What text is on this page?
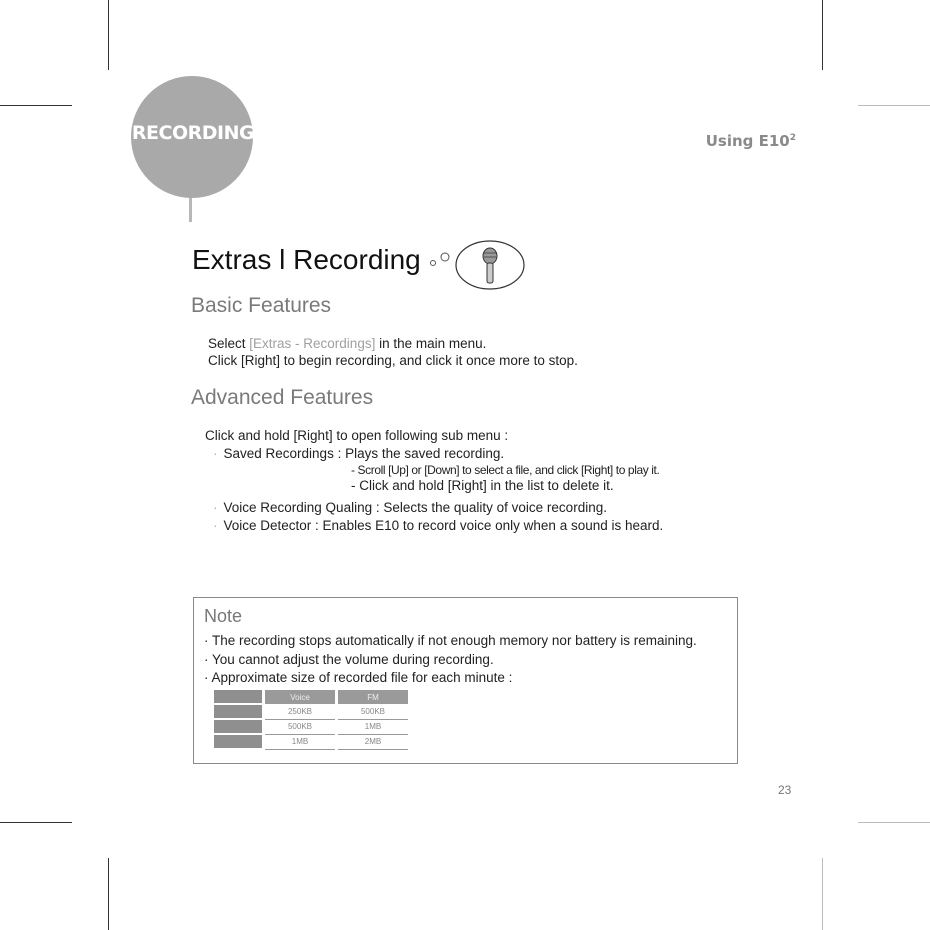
RECORDING	Using $E10^2$
Extras l Recording
Basic Features
Select [Extras - Recordings] in the main menu.
Click [Right] to begin recording, and click it once more to stop.
Advanced Features
Click and hold [Right] to open following sub menu :
· Saved Recordings : Plays the saved recording.
- Scroll [Up] or [Down] to select a file, and click [Right] to play it.
- Click and hold [Right] in the list to delete it.
· Voice Recording Qualing : Selects the quality of voice recording.
· Voice Detector : Enables E10 to record voice only when a sound is heard.
Note
· The recording stops automatically if not enough memory nor battery is remaining.
· You cannot adjust the volume during recording.
· Approximate size of recorded file for each minute :
		Voice		FM
		250KB		500KB
		500KB		1MB
		1MB		2MB
23
